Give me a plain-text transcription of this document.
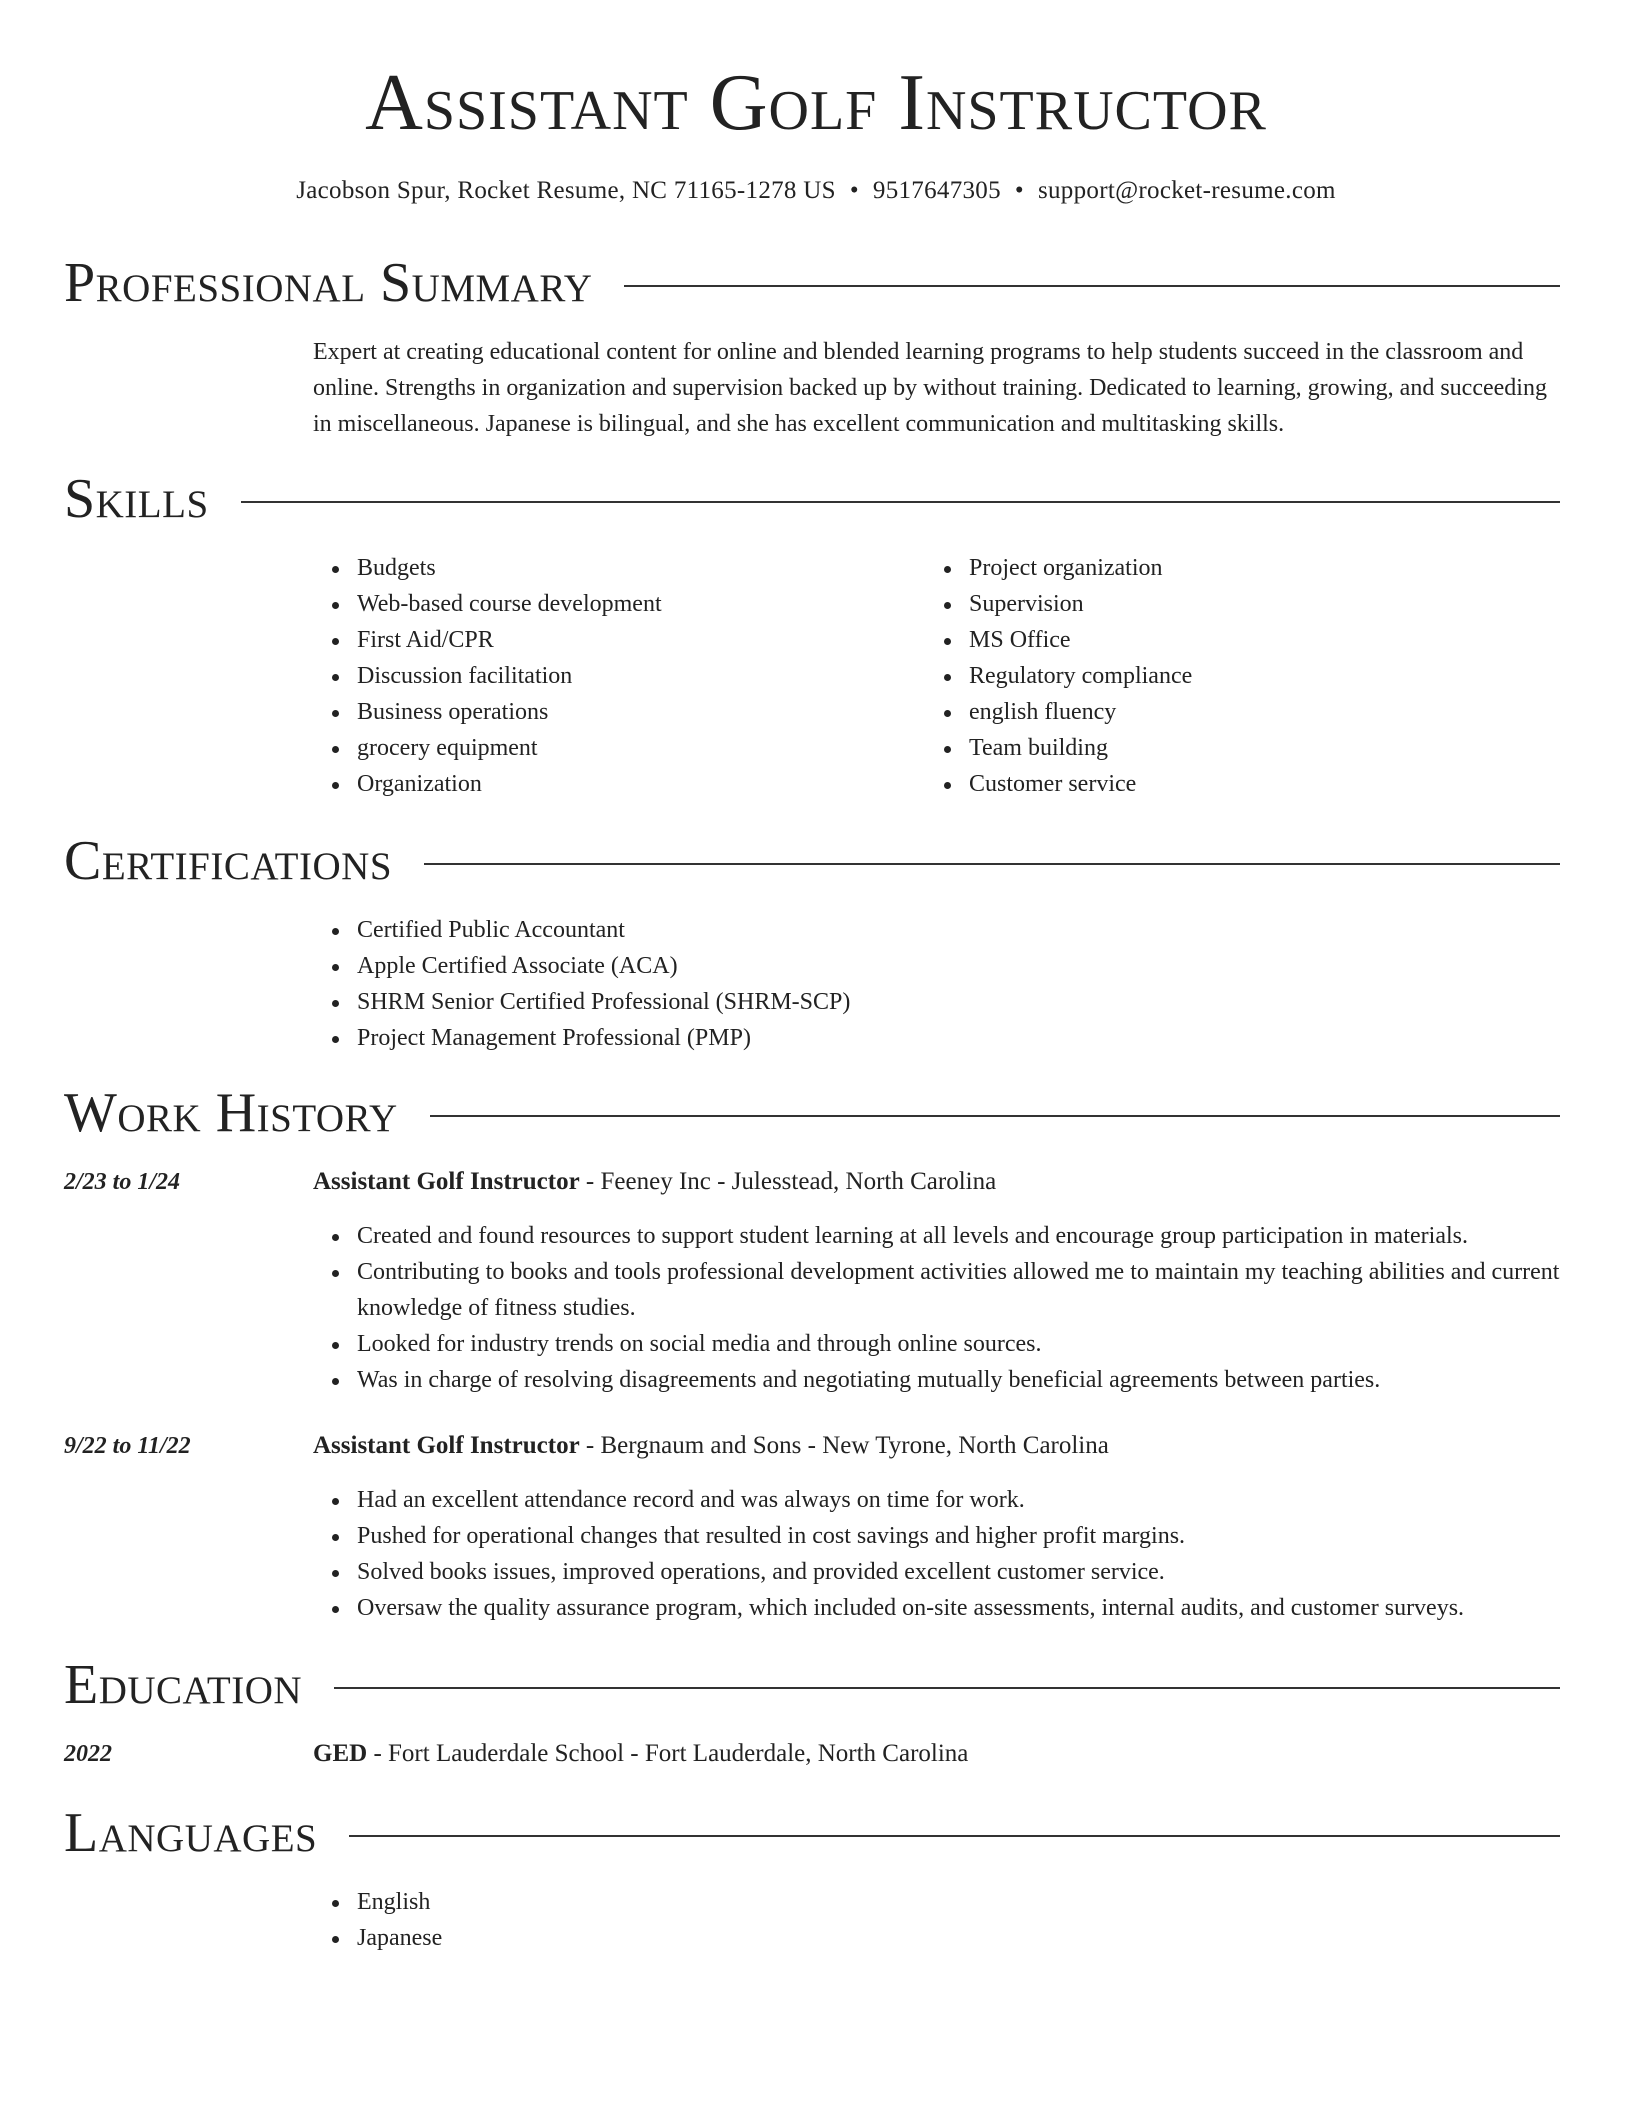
Assistant Golf Instructor
Jacobson Spur, Rocket Resume, NC 71165-1278 US • 9517647305 • support@rocket-resume.com
Professional Summary

Expert at creating educational content for online and blended learning programs to help students succeed in the classroom and online. Strengths in organization and supervision backed up by without training. Dedicated to learning, growing, and succeeding in miscellaneous. Japanese is bilingual, and she has excellent communication and multitasking skills.

Skills
Budgets
Web-based course development
First Aid/CPR
Discussion facilitation
Business operations
grocery equipment
Organization
Project organization
Supervision
MS Office
Regulatory compliance
english fluency
Team building
Customer service
Certifications
Certified Public Accountant
Apple Certified Associate (ACA)
SHRM Senior Certified Professional (SHRM-SCP)
Project Management Professional (PMP)
Work History
2/23 to 1/24	Assistant Golf Instructor - Feeney Inc - Julesstead, North Carolina
Created and found resources to support student learning at all levels and encourage group participation in materials.
Contributing to books and tools professional development activities allowed me to maintain my teaching abilities and current knowledge of fitness studies.
Looked for industry trends on social media and through online sources.
Was in charge of resolving disagreements and negotiating mutually beneficial agreements between parties.
9/22 to 11/22	Assistant Golf Instructor - Bergnaum and Sons - New Tyrone, North Carolina
Had an excellent attendance record and was always on time for work.
Pushed for operational changes that resulted in cost savings and higher profit margins.
Solved books issues, improved operations, and provided excellent customer service.
Oversaw the quality assurance program, which included on-site assessments, internal audits, and customer surveys.
Education
2022	GED - Fort Lauderdale School - Fort Lauderdale, North Carolina
Languages
English
Japanese
